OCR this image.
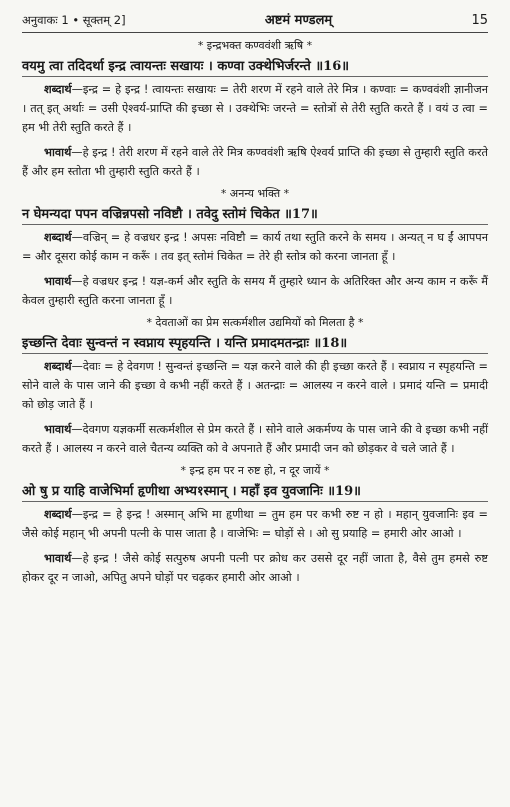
अनुवाकः 1 • सूक्तम् 2]	अष्टमं मण्डलम्	15
* इन्द्रभक्त कण्ववंशी ऋषि *
वयमु त्वा तदिदर्था इन्द्र त्वायन्तः सखायः । कण्वा उक्थेभिर्जरन्ते ॥16॥

शब्दार्थ—इन्द्र = हे इन्द्र ! त्वायन्तः सखायः = तेरी शरण में रहने वाले तेरे मित्र । कण्वाः = कण्ववंशी ज्ञानीजन । तत् इत् अर्थाः = उसी ऐश्वर्य-प्राप्ति की इच्छा से । उक्थेभिः जरन्ते = स्तोत्रों से तेरी स्तुति करते हैं । वयं उ त्वा = हम भी तेरी स्तुति करते हैं ।

भावार्थ—हे इन्द्र ! तेरी शरण में रहने वाले तेरे मित्र कण्ववंशी ऋषि ऐश्वर्य प्राप्ति की इच्छा से तुम्हारी स्तुति करते हैं और हम स्तोता भी तुम्हारी स्तुति करते हैं ।

* अनन्य भक्ति *
न घेमन्यदा पपन वज्रिन्नपसो नविष्टौ । तवेदु स्तोमं चिकेत ॥17॥

शब्दार्थ—वज्रिन् = हे वज्रधर इन्द्र ! अपसः नविष्टौ = कार्य तथा स्तुति करने के समय । अन्यत् न घ ईं आपपन = और दूसरा कोई काम न करूँ । तव इत् स्तोमं चिकेत = तेरे ही स्तोत्र को करना जानता हूँ ।

भावार्थ—हे वज्रधर इन्द्र ! यज्ञ-कर्म और स्तुति के समय मैं तुम्हारे ध्यान के अतिरिक्त और अन्य काम न करूँ मैं केवल तुम्हारी स्तुति करना जानता हूँ ।

* देवताओं का प्रेम सत्कर्मशील उद्यमियों को मिलता है *
इच्छन्ति देवाः सुन्वन्तं न स्वप्नाय स्पृहयन्ति । यन्ति प्रमादमतन्द्राः ॥18॥

शब्दार्थ—देवाः = हे देवगण ! सुन्वन्तं इच्छन्ति = यज्ञ करने वाले की ही इच्छा करते हैं । स्वप्नाय न स्पृहयन्ति = सोने वाले के पास जाने की इच्छा वे कभी नहीं करते हैं । अतन्द्राः = आलस्य न करने वाले । प्रमादं यन्ति = प्रमादी को छोड़ जाते हैं ।

भावार्थ—देवगण यज्ञकर्मी सत्कर्मशील से प्रेम करते हैं । सोने वाले अकर्मण्य के पास जाने की वे इच्छा कभी नहीं करते हैं । आलस्य न करने वाले चैतन्य व्यक्ति को वे अपनाते हैं और प्रमादी जन को छोड़कर वे चले जाते हैं ।

* इन्द्र हम पर न रुष्ट हो, न दूर जायें *
ओ षु प्र याहि वाजेभिर्मा हृणीथा अभ्य१स्मान् । महाँ इव युवजानिः ॥19॥

शब्दार्थ—इन्द्र = हे इन्द्र ! अस्मान् अभि मा हृणीथा = तुम हम पर कभी रुष्ट न हो । महान् युवजानिः इव = जैसे कोई महान् भी अपनी पत्नी के पास जाता है । वाजेभिः = घोड़ों से । ओ सु प्रयाहि = हमारी ओर आओ ।

भावार्थ—हे इन्द्र ! जैसे कोई सत्पुरुष अपनी पत्नी पर क्रोध कर उससे दूर नहीं जाता है, वैसे तुम हमसे रुष्ट होकर दूर न जाओ, अपितु अपने घोड़ों पर चढ़कर हमारी ओर आओ ।
